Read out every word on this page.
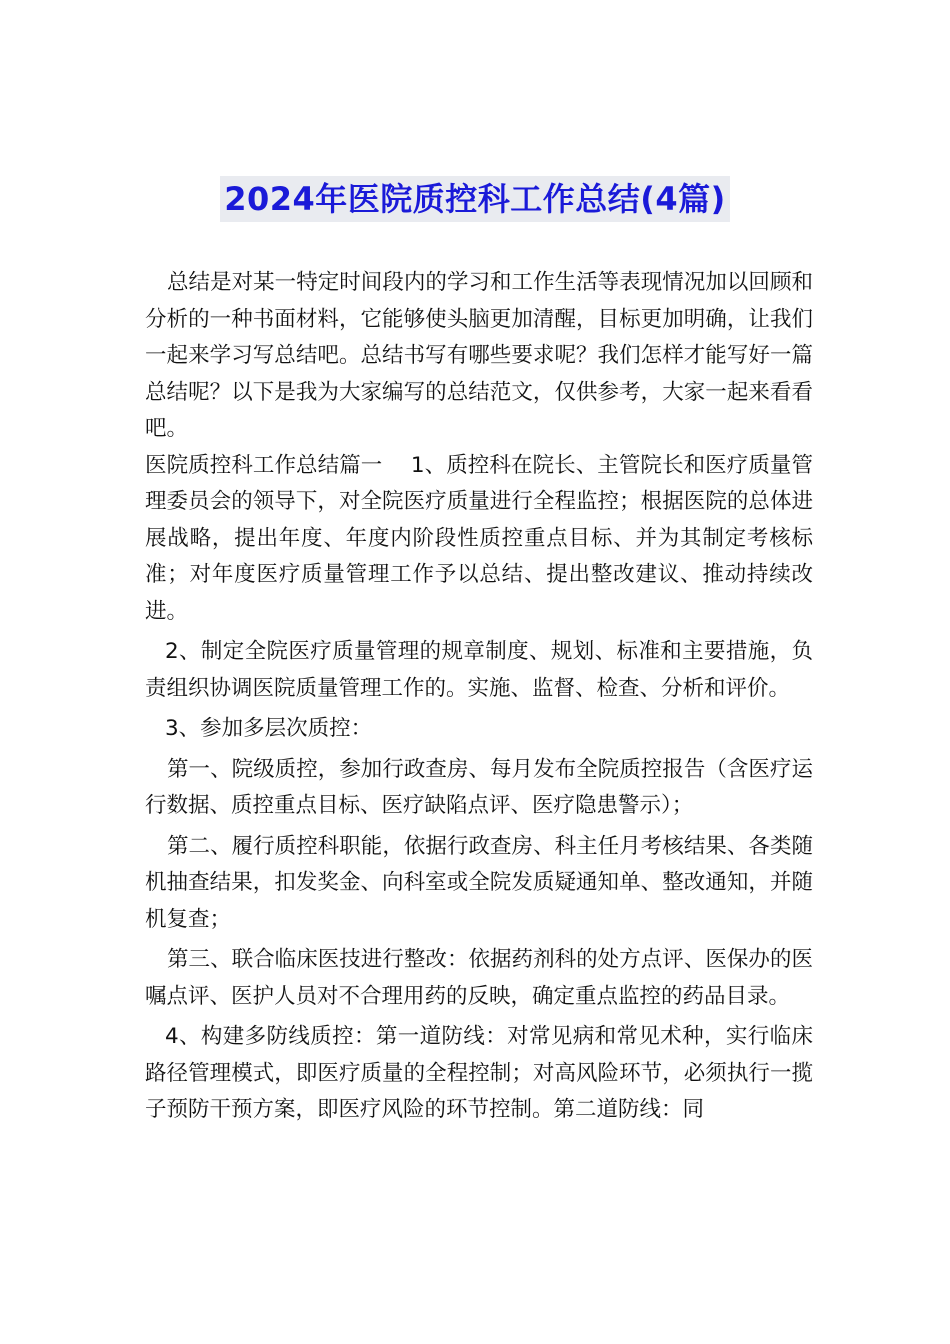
2024年医院质控科工作总结(4篇)

总结是对某一特定时间段内的学习和工作生活等表现情况加以回顾和分析的一种书面材料，它能够使头脑更加清醒，目标更加明确，让我们一起来学习写总结吧。总结书写有哪些要求呢？我们怎样才能写好一篇总结呢？以下是我为大家编写的总结范文，仅供参考，大家一起来看看吧。

医院质控科工作总结篇一　 1、质控科在院长、主管院长和医疗质量管理委员会的领导下，对全院医疗质量进行全程监控；根据医院的总体进展战略，提出年度、年度内阶段性质控重点目标、并为其制定考核标准；对年度医疗质量管理工作予以总结、提出整改建议、推动持续改进。

2、制定全院医疗质量管理的规章制度、规划、标准和主要措施，负责组织协调医院质量管理工作的。实施、监督、检查、分析和评价。

3、参加多层次质控：

第一、院级质控，参加行政查房、每月发布全院质控报告（含医疗运行数据、质控重点目标、医疗缺陷点评、医疗隐患警示）；

第二、履行质控科职能，依据行政查房、科主任月考核结果、各类随机抽查结果，扣发奖金、向科室或全院发质疑通知单、整改通知，并随机复查；

第三、联合临床医技进行整改：依据药剂科的处方点评、医保办的医嘱点评、医护人员对不合理用药的反映，确定重点监控的药品目录。

4、构建多防线质控：第一道防线：对常见病和常见术种，实行临床路径管理模式，即医疗质量的全程控制；对高风险环节，必须执行一揽子预防干预方案，即医疗风险的环节控制。第二道防线：同
